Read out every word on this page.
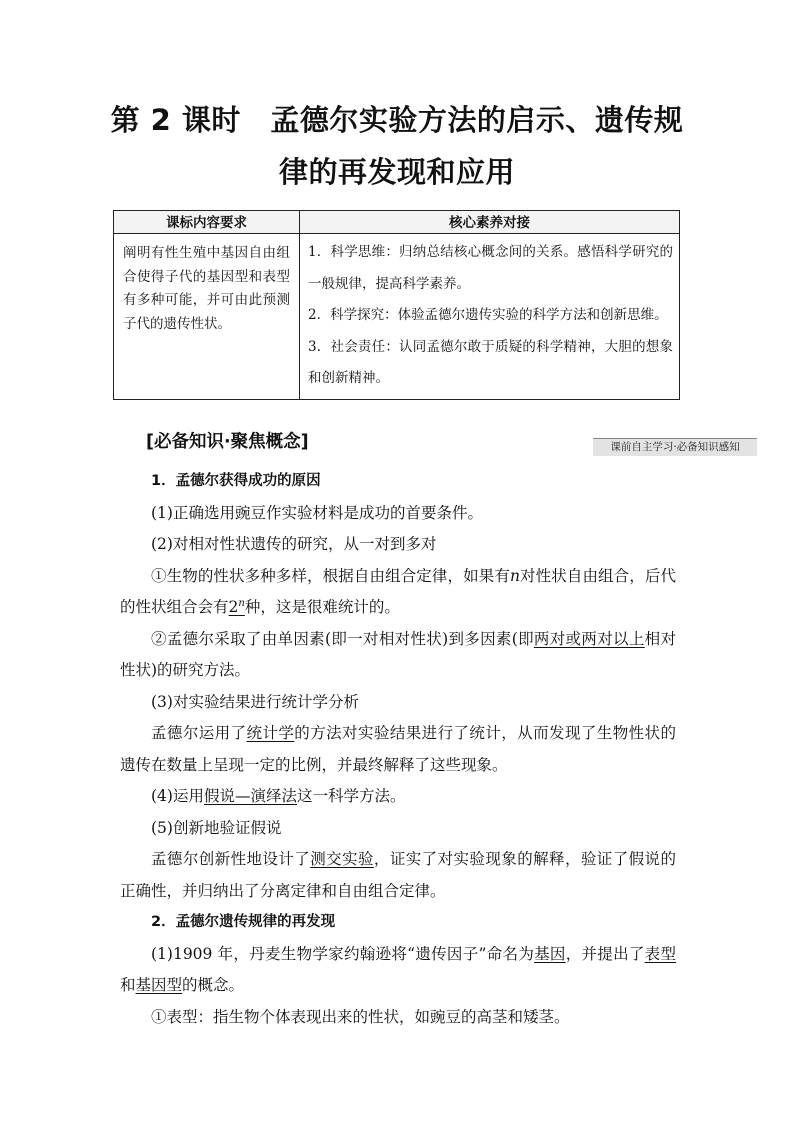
第 2 课时　孟德尔实验方法的启示、遗传规
律的再发现和应用
课标内容要求	核心素养对接
阐明有性生殖中基因自由组合使得子代的基因型和表型有多种可能，并可由此预测子代的遗传性状。	1．科学思维：归纳总结核心概念间的关系。感悟科学研究的一般规律，提高科学素养。
2．科学探究：体验孟德尔遗传实验的科学方法和创新思维。
3．社会责任：认同孟德尔敢于质疑的科学精神，大胆的想象和创新精神。
[必备知识·聚焦概念]	课前自主学习·必备知识感知

1．孟德尔获得成功的原因

(1)正确选用豌豆作实验材料是成功的首要条件。

(2)对相对性状遗传的研究，从一对到多对

①生物的性状多种多样，根据自由组合定律，如果有n对性状自由组合，后代的性状组合会有2$^n$种，这是很难统计的。

②孟德尔采取了由单因素(即一对相对性状)到多因素(即两对或两对以上相对性状)的研究方法。

(3)对实验结果进行统计学分析

孟德尔运用了统计学的方法对实验结果进行了统计，从而发现了生物性状的遗传在数量上呈现一定的比例，并最终解释了这些现象。

(4)运用假说—演绎法这一科学方法。

(5)创新地验证假说

孟德尔创新性地设计了测交实验，证实了对实验现象的解释，验证了假说的正确性，并归纳出了分离定律和自由组合定律。

2．孟德尔遗传规律的再发现

(1)1909 年，丹麦生物学家约翰逊将“遗传因子”命名为基因，并提出了表型和基因型的概念。

①表型：指生物个体表现出来的性状，如豌豆的高茎和矮茎。
